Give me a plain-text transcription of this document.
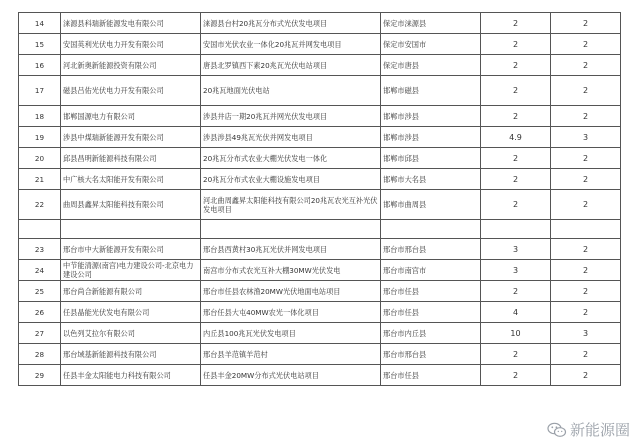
14	涞源县科瑞新能源发电有限公司	涞源县台村20兆瓦分布式光伏发电项目	保定市涞源县	2	2
15	安国英利光伏电力开发有限公司	安国市光伏农业一体化20兆瓦并网发电项目	保定市安国市	2	2
16	河北新奥新能源投资有限公司	唐县北罗镇西下素20兆瓦光伏电站项目	保定市唐县	2	2
17	磁县吕佑光伏电力开发有限公司	20兆瓦地面光伏电站	邯郸市磁县	2	2
18	邯郸国源电力有限公司	涉县井店一期20兆瓦并网光伏发电项目	邯郸市涉县	2	2
19	涉县中煤瑞新能源开发有限公司	涉县涉县49兆瓦光伏并网发电项目	邯郸市涉县	4.9	3
20	邱县昌明新能源科技有限公司	20兆瓦分布式农业大棚光伏发电一体化	邯郸市邱县	2	2
21	中广核大名太阳能开发有限公司	20兆瓦分布式农业大棚设施发电项目	邯郸市大名县	2	2
22	曲周县鑫昇太阳能科技有限公司	河北曲周鑫昇太阳能科技有限公司20兆瓦农光互补光伏发电项目	邯郸市曲周县	2	2

23	邢台市中大新能源开发有限公司	邢台县西黄村30兆瓦光伏并网发电项目	邢台市邢台县	3	2
24	中节能清源(南宫)电力建设公司-北京电力建设公司	南宫市分布式农光互补大棚30MW光伏发电	邢台市南宫市	3	2
25	邢台尚合新能源有限公司	邢台市任县农林渔20MW光伏地面电站项目	邢台市任县	2	2
26	任县晶能光伏发电有限公司	邢台任县大屯40MW农光一体化项目	邢台市任县	4	2
27	以色列艾拉尔有限公司	内丘县100兆瓦光伏发电项目	邢台市内丘县	10	3
28	邢台域基新能源科技有限公司	邢台县羊范镇羊范村	邢台市邢台县	2	2
29	任县丰金太阳能电力科技有限公司	任县丰金20MW分布式光伏电站项目	邢台市任县	2	2
新能源圈
